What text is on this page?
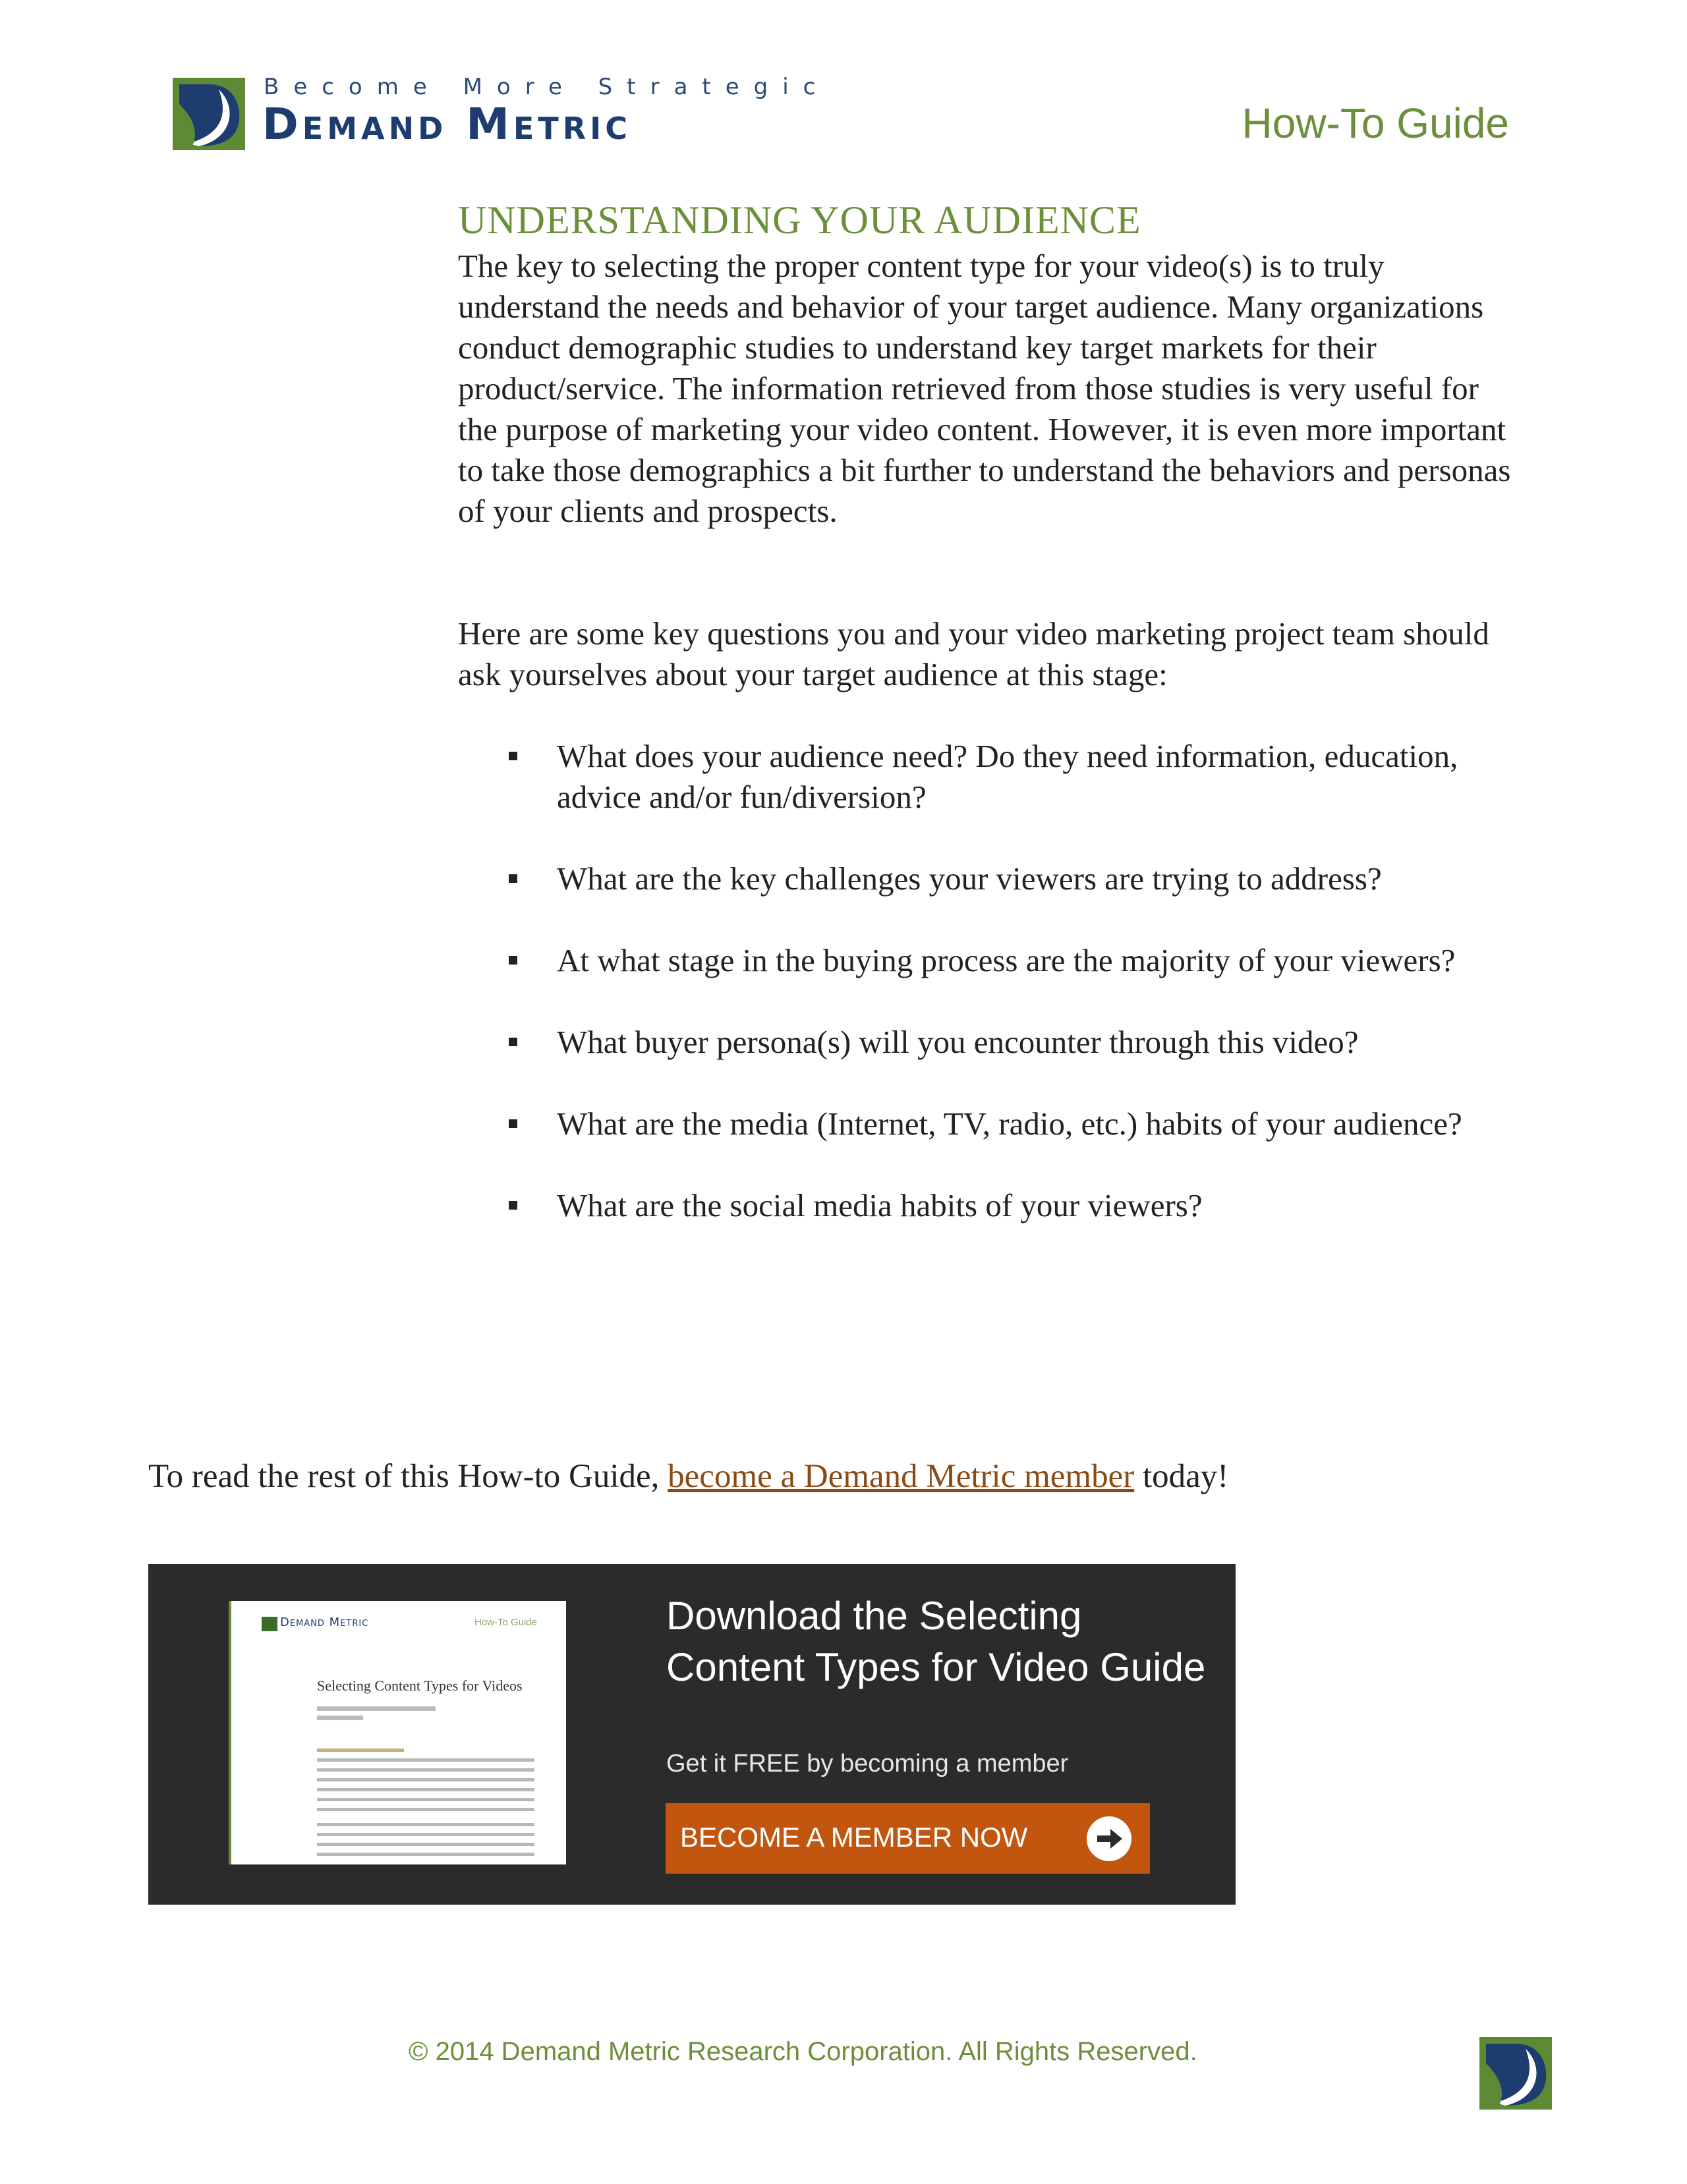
Become More Strategic
Demand Metric	How-To Guide
UNDERSTANDING YOUR AUDIENCE
The key to selecting the proper content type for your video(s) is to truly understand the needs and behavior of your target audience. Many organizations conduct demographic studies to understand key target markets for their product/service. The information retrieved from those studies is very useful for the purpose of marketing your video content. However, it is even more important to take those demographics a bit further to understand the behaviors and personas of your clients and prospects.
Here are some key questions you and your video marketing project team should ask yourselves about your target audience at this stage:
What does your audience need? Do they need information, education, advice and/or fun/diversion?
What are the key challenges your viewers are trying to address?
At what stage in the buying process are the majority of your viewers?
What buyer persona(s) will you encounter through this video?
What are the media (Internet, TV, radio, etc.) habits of your audience?
What are the social media habits of your viewers?
To read the rest of this How-to Guide, become a Demand Metric member today!
Demand Metric	How-To Guide
Selecting Content Types for Videos
Download the Selecting Content Types for Video Guide
Get it FREE by becoming a member
BECOME A MEMBER NOW
© 2014 Demand Metric Research Corporation. All Rights Reserved.
